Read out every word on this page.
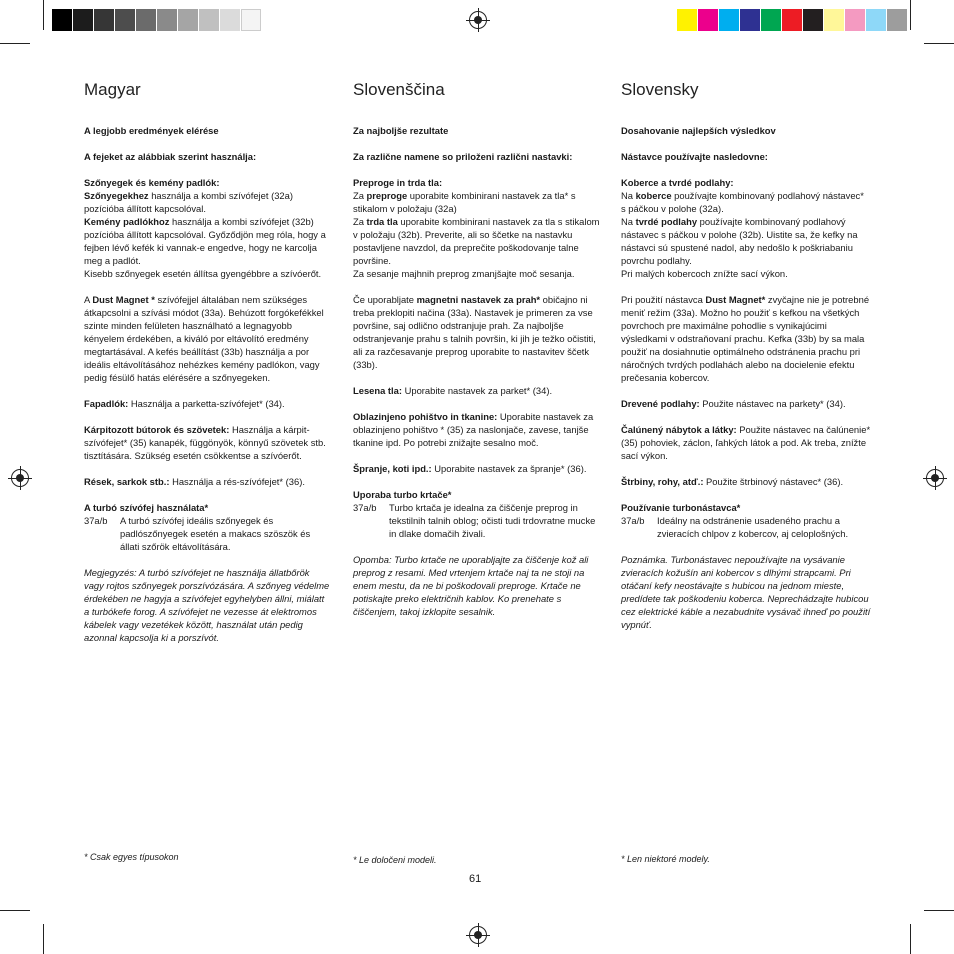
Magyar

A legjobb eredmények elérése

A fejeket az alábbiak szerint használja:

Szőnyegek és kemény padlók:
Szőnyegekhez használja a kombi szívófejet (32a) pozícióba állított kapcsolóval.
Kemény padlókhoz használja a kombi szívófejet (32b) pozícióba állított kapcsolóval. Győződjön meg róla, hogy a fejben lévő kefék ki vannak-e engedve, hogy ne karcolja meg a padlót.
Kisebb szőnyegek esetén állítsa gyengébbre a szívóerőt.

A Dust Magnet * szívófejjel általában nem szükséges átkapcsolni a szívási módot (33a). Behúzott forgókefékkel szinte minden felületen használható a legnagyobb kényelem érdekében, a kiváló por eltávolító eredmény megtartásával. A kefés beállítást (33b) használja a por ideális eltávolításához nehézkes kemény padlókon, vagy pedig fésülő hatás elérésére a szőnyegeken.

Fapadlók: Használja a parketta-szívófejet* (34).

Kárpitozott bútorok és szövetek: Használja a kárpit-szívófejet* (35) kanapék, függönyök, könnyű szövetek stb. tisztítására. Szükség esetén csökkentse a szívóerőt.

Rések, sarkok stb.: Használja a rés-szívófejet* (36).

A turbó szívófej használata*

37a/b	A turbó szívófej ideális szőnyegek és padlószőnyegek esetén a makacs szöszök és állati szőrök eltávolítására.

Megjegyzés: A turbó szívófejet ne használja állatbőrök vagy rojtos szőnyegek porszívózására. A szőnyeg védelme érdekében ne hagyja a szívófejet egyhelyben állni, miálatt a turbókefe forog. A szívófejet ne vezesse át elektromos kábelek vagy vezetékek között, használat után pedig azonnal kapcsolja ki a porszívót.

Slovenščina

Za najboljše rezultate

Za različne namene so priloženi različni nastavki:

Preproge in trda tla:
Za preproge uporabite kombinirani nastavek za tla* s stikalom v položaju (32a)
Za trda tla uporabite kombinirani nastavek za tla s stikalom v položaju (32b). Preverite, ali so ščetke na nastavku postavljene navzdol, da preprečite poškodovanje talne površine.
Za sesanje majhnih preprog zmanjšajte moč sesanja.

Če uporabljate magnetni nastavek za prah* običajno ni treba preklopiti načina (33a). Nastavek je primeren za vse površine, saj odlično odstranjuje prah. Za najboljše odstranjevanje prahu s talnih površin, ki jih je težko očistiti, ali za razčesavanje preprog uporabite to nastavitev ščetk (33b).

Lesena tla: Uporabite nastavek za parket* (34).

Oblazinjeno pohištvo in tkanine: Uporabite nastavek za oblazinjeno pohištvo * (35) za naslonjače, zavese, tanjše tkanine ipd. Po potrebi znižajte sesalno moč.

Špranje, koti ipd.: Uporabite nastavek za špranje* (36).

Uporaba turbo krtače*

37a/b	Turbo krtača je idealna za čiščenje preprog in tekstilnih talnih oblog; očisti tudi trdovratne mucke in dlake domačih živali.

Opomba: Turbo krtače ne uporabljajte za čiščenje kož ali preprog z resami. Med vrtenjem krtače naj ta ne stoji na enem mestu, da ne bi poškodovali preproge. Krtače ne potiskajte preko električnih kablov. Ko prenehate s čiščenjem, takoj izklopite sesalnik.

Slovensky

Dosahovanie najlepších výsledkov

Nástavce používajte nasledovne:

Koberce a tvrdé podlahy:
Na koberce používajte kombinovaný podlahový nástavec* s páčkou v polohe (32a).
Na tvrdé podlahy používajte kombinovaný podlahový nástavec s páčkou v polohe (32b). Uistite sa, že kefky na nástavci sú spustené nadol, aby nedošlo k poškriabaniu povrchu podlahy.
Pri malých kobercoch znížte sací výkon.

Pri použití nástavca Dust Magnet* zvyčajne nie je potrebné meniť režim (33a). Možno ho použiť s kefkou na všetkých povrchoch pre maximálne pohodlie s vynikajúcimi výsledkami v odstraňovaní prachu. Kefka (33b) by sa mala použiť na dosiahnutie optimálneho odstránenia prachu pri náročných tvrdých podlahách alebo na docielenie efektu prečesania kobercov.

Drevené podlahy: Použite nástavec na parkety* (34).

Čalúnený nábytok a látky: Použite nástavec na čalúnenie* (35) pohoviek, záclon, ľahkých látok a pod. Ak treba, znížte sací výkon.

Štrbiny, rohy, atď.: Použite štrbinový nástavec* (36).

Používanie turbonástavca*

37a/b	Ideálny na odstránenie usadeného prachu a zvieracích chlpov z kobercov, aj celoplošných.

Poznámka. Turbonástavec nepoužívajte na vysávanie zvieracích kožušín ani kobercov s dlhými strapcami. Pri otáčaní kefy neostávajte s hubicou na jednom mieste, predídete tak poškodeniu koberca. Neprechádzajte hubicou cez elektrické káble a nezabudnite vysávač ihneď po použití vypnúť.

* Csak egyes típusokon	* Le določeni modeli.	* Len niektoré modely.
61
